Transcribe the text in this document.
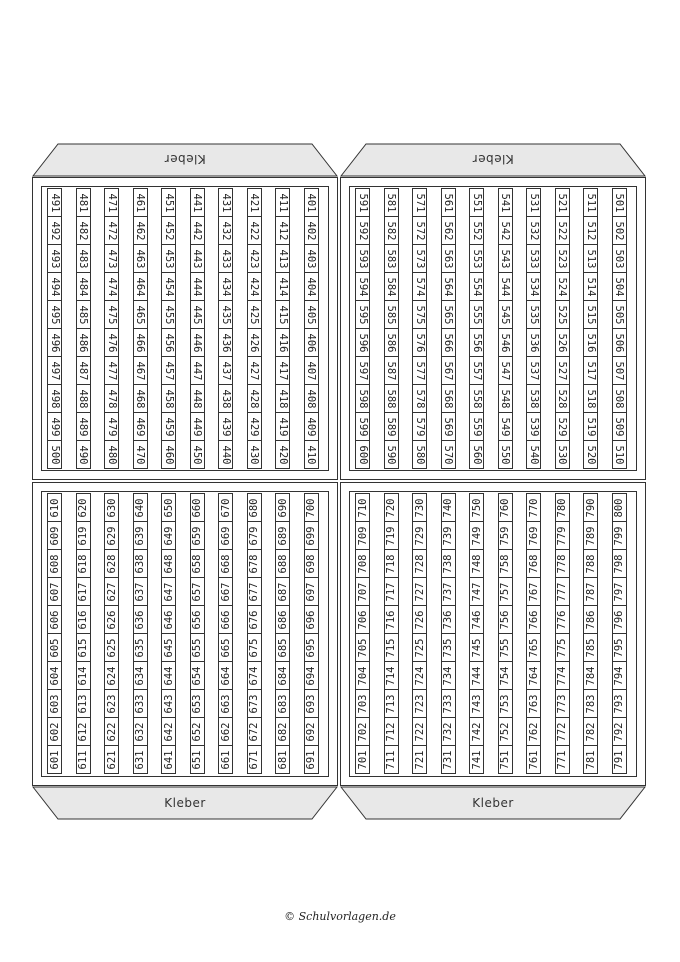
Kleber	Kleber
Kleber	Kleber
401
402
403
404
405
406
407
408
409
410
411
412
413
414
415
416
417
418
419
420
421
422
423
424
425
426
427
428
429
430
431
432
433
434
435
436
437
438
439
440
441
442
443
444
445
446
447
448
449
450
451
452
453
454
455
456
457
458
459
460
461
462
463
464
465
466
467
468
469
470
471
472
473
474
475
476
477
478
479
480
481
482
483
484
485
486
487
488
489
490
491
492
493
494
495
496
497
498
499
500
501
502
503
504
505
506
507
508
509
510
511
512
513
514
515
516
517
518
519
520
521
522
523
524
525
526
527
528
529
530
531
532
533
534
535
536
537
538
539
540
541
542
543
544
545
546
547
548
549
550
551
552
553
554
555
556
557
558
559
560
561
562
563
564
565
566
567
568
569
570
571
572
573
574
575
576
577
578
579
580
581
582
583
584
585
586
587
588
589
590
591
592
593
594
595
596
597
598
599
600
601
602
603
604
605
606
607
608
609
610
611
612
613
614
615
616
617
618
619
620
621
622
623
624
625
626
627
628
629
630
631
632
633
634
635
636
637
638
639
640
641
642
643
644
645
646
647
648
649
650
651
652
653
654
655
656
657
658
659
660
661
662
663
664
665
666
667
668
669
670
671
672
673
674
675
676
677
678
679
680
681
682
683
684
685
686
687
688
689
690
691
692
693
694
695
696
697
698
699
700
701
702
703
704
705
706
707
708
709
710
711
712
713
714
715
716
717
718
719
720
721
722
723
724
725
726
727
728
729
730
731
732
733
734
735
736
737
738
739
740
741
742
743
744
745
746
747
748
749
750
751
752
753
754
755
756
757
758
759
760
761
762
763
764
765
766
767
768
769
770
771
772
773
774
775
776
777
778
779
780
781
782
783
784
785
786
787
788
789
790
791
792
793
794
795
796
797
798
799
800
© Schulvorlagen.de
